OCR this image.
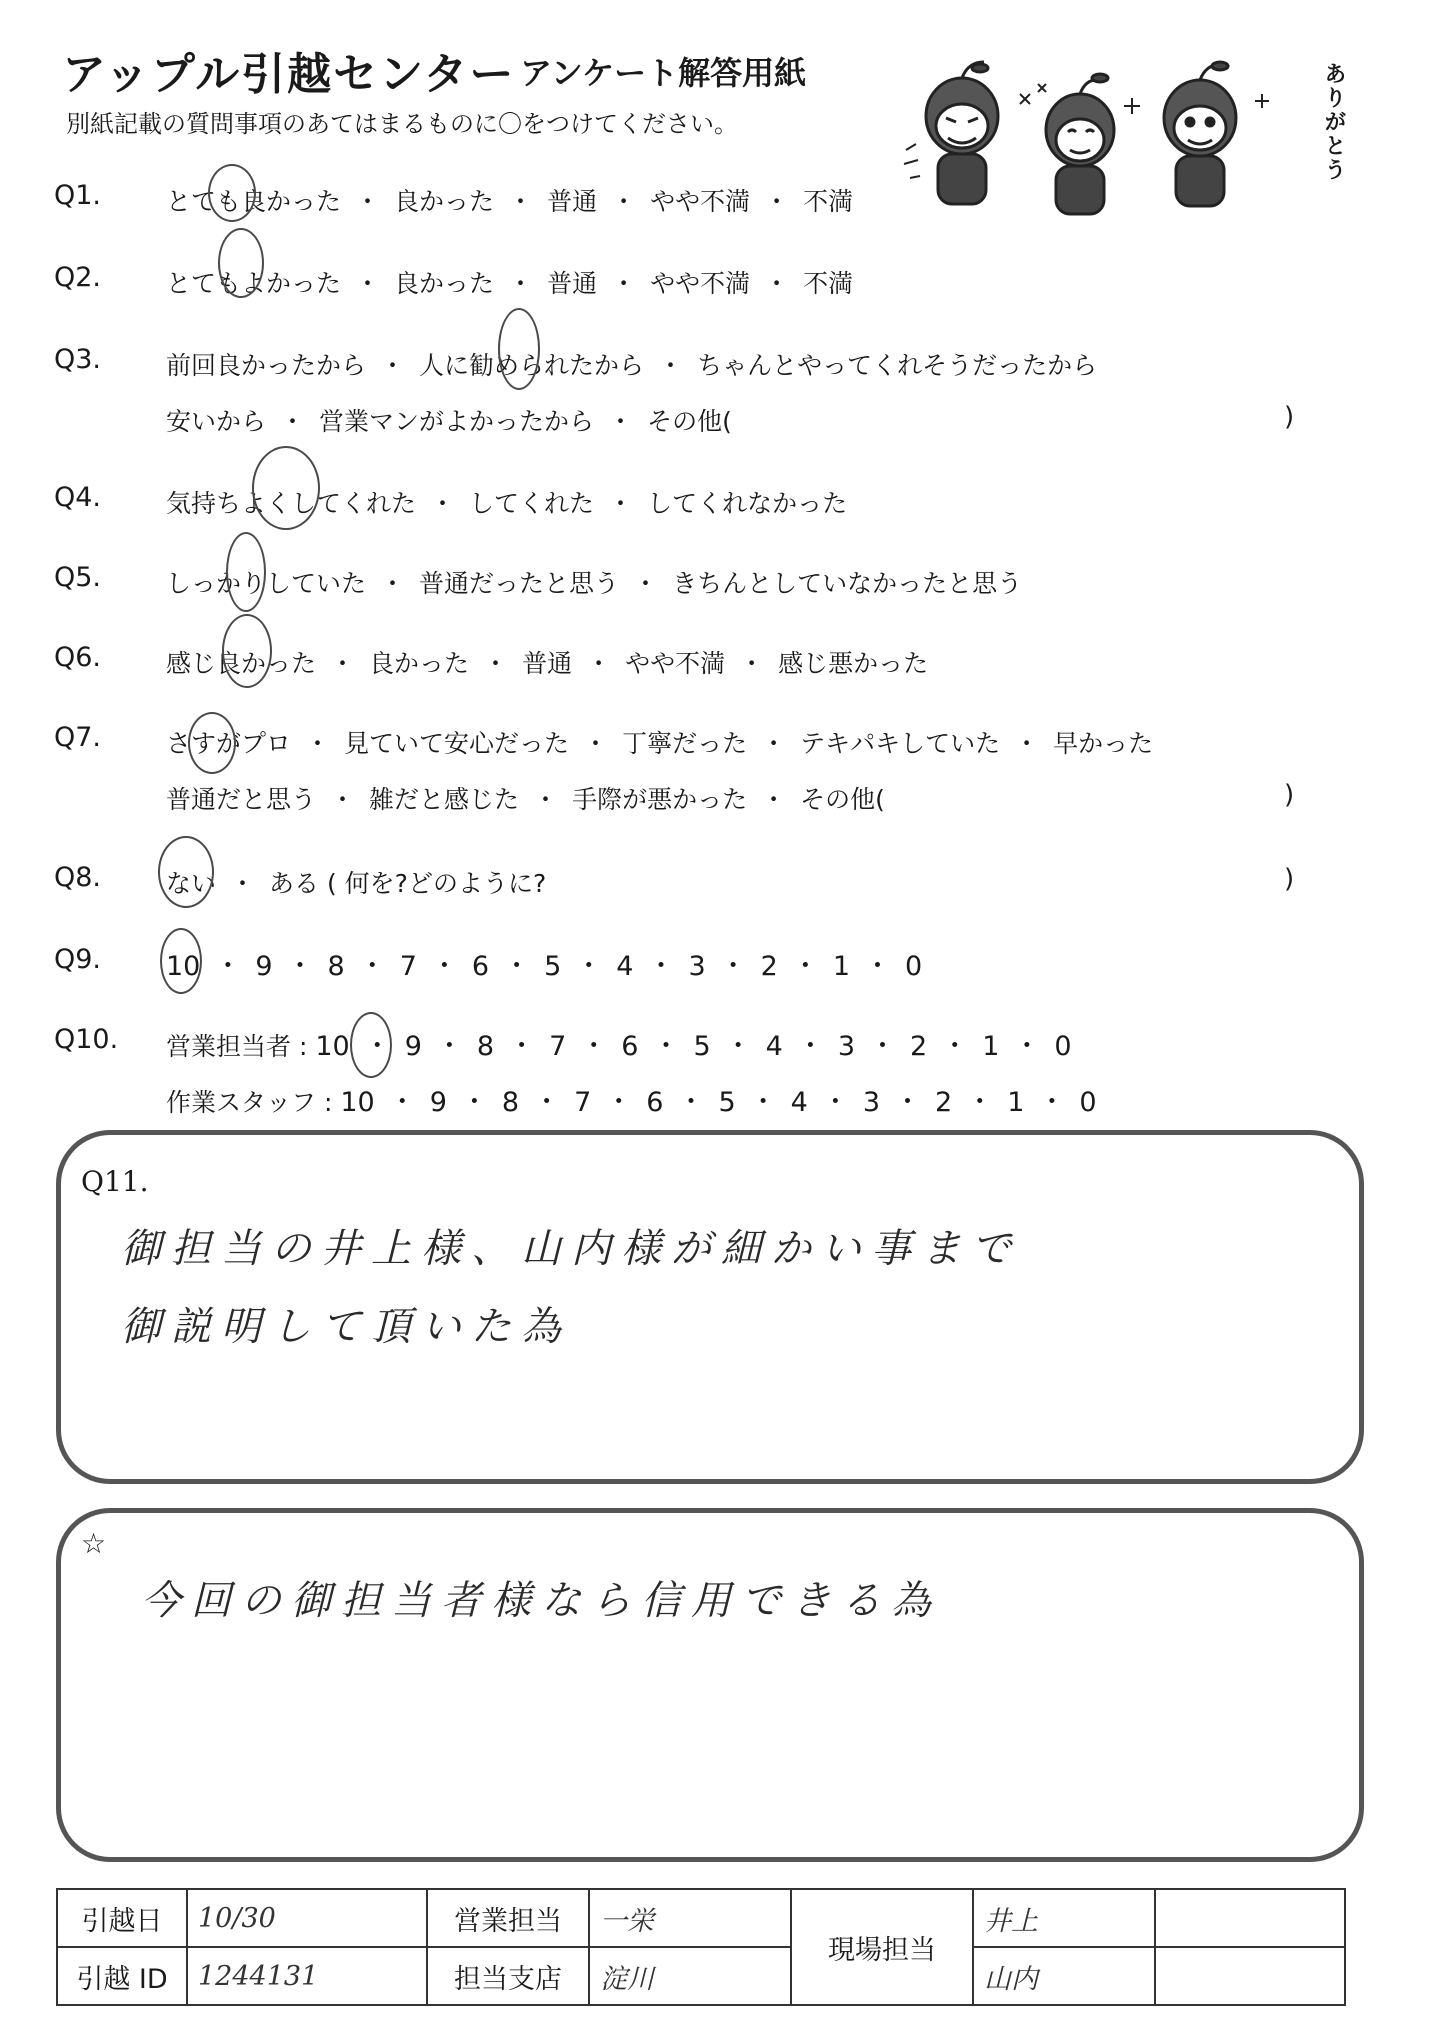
アップル引越センター アンケート解答用紙
別紙記載の質問事項のあてはまるものに〇をつけてください。	ありがとう
Q1.	とても良かった ・ 良かった ・ 普通 ・ やや不満 ・ 不満
Q2.	とてもよかった ・ 良かった ・ 普通 ・ やや不満 ・ 不満
Q3.	前回良かったから ・ 人に勧められたから ・ ちゃんとやってくれそうだったから
安いから ・ 営業マンがよかったから ・ その他(	)
Q4.	気持ちよくしてくれた ・ してくれた ・ してくれなかった
Q5.	しっかりしていた ・ 普通だったと思う ・ きちんとしていなかったと思う
Q6.	感じ良かった ・ 良かった ・ 普通 ・ やや不満 ・ 感じ悪かった
Q7.	さすがプロ ・ 見ていて安心だった ・ 丁寧だった ・ テキパキしていた ・ 早かった
普通だと思う ・ 雑だと感じた ・ 手際が悪かった ・ その他(	)
Q8.	ない ・ ある ( 何を?どのように?	)
Q9. 10 ・ 9 ・ 8 ・ 7 ・ 6 ・ 5 ・ 4 ・ 3 ・ 2 ・ 1 ・ 0
Q10. 営業担当者 : 10 ・ 9 ・ 8 ・ 7 ・ 6 ・ 5 ・ 4 ・ 3 ・ 2 ・ 1 ・ 0
作業スタッフ : 10 ・ 9 ・ 8 ・ 7 ・ 6 ・ 5 ・ 4 ・ 3 ・ 2 ・ 1 ・ 0
Q11.
御担当の井上様、山内様が細かい事まで
御説明して頂いた為
☆
今回の御担当者様なら信用できる為
引越日	10/30	営業担当	一栄	現場担当	井上	
引越 ID	1244131	担当支店	淀川		山内	
